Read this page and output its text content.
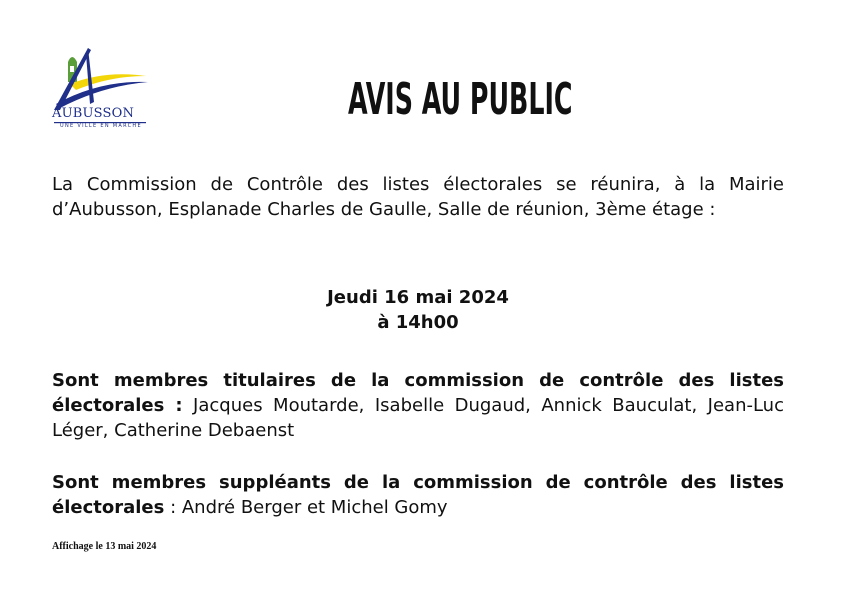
AUBUSSON
UNE VILLE EN MARCHE
AVIS AU PUBLIC

La Commission de Contrôle des listes électorales se réunira, à la Mairie d’Aubusson, Esplanade Charles de Gaulle, Salle de réunion, 3ème étage :

Jeudi 16 mai 2024
à 14h00

Sont membres titulaires de la commission de contrôle des listes électorales : Jacques Moutarde, Isabelle Dugaud, Annick Bauculat, Jean-Luc Léger, Catherine Debaenst

Sont membres suppléants de la commission de contrôle des listes électorales : André Berger et Michel Gomy

Affichage le 13 mai 2024
